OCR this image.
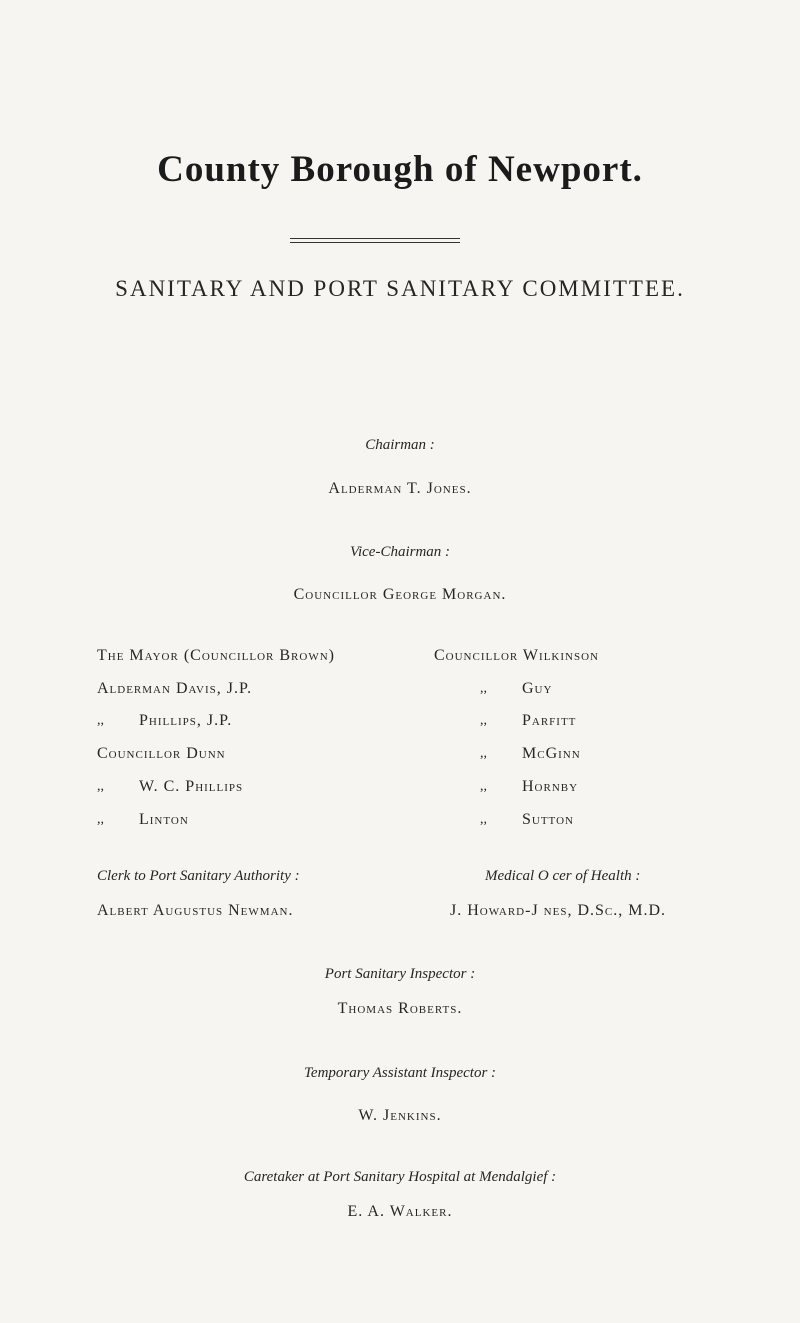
County Borough of Newport.
SANITARY AND PORT SANITARY COMMITTEE.
Chairman :
Alderman T. Jones.
Vice-Chairman :
Councillor George Morgan.
The Mayor (Councillor Brown)
Alderman Davis, J.P.
,, Phillips, J.P.
Councillor Dunn
,, W. C. Phillips
,, Linton
Councillor Wilkinson
,, Guy
,, Parfitt
,, McGinn
,, Hornby
,, Sutton
Clerk to Port Sanitary Authority :
Albert Augustus Newman.
Medical O cer of Health :
J. Howard-J nes, D.Sc., M.D.
Port Sanitary Inspector :
Thomas Roberts.
Temporary Assistant Inspector :
W. Jenkins.
Caretaker at Port Sanitary Hospital at Mendalgief :
E. A. Walker.
